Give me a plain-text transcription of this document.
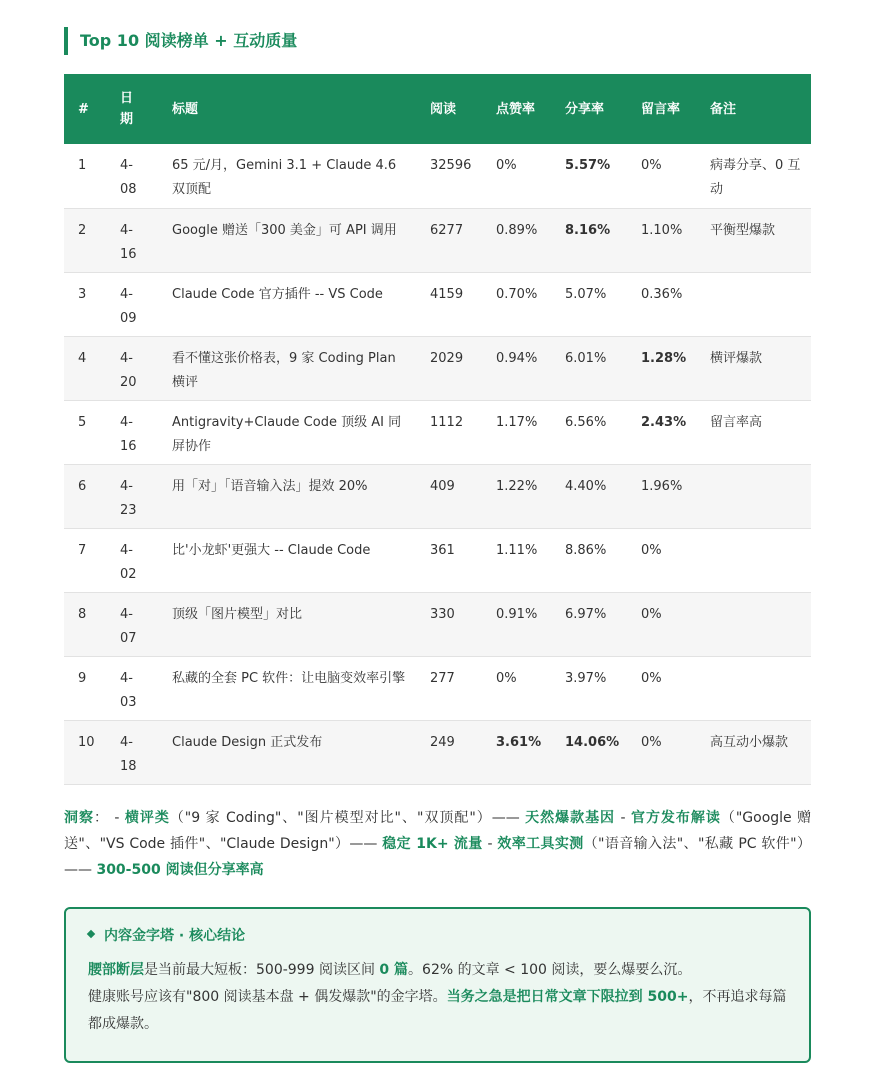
Top 10 阅读榜单 + 互动质量
#	日期	标题	阅读	点赞率	分享率	留言率	备注
1	4-08	65 元/月，Gemini 3.1 + Claude 4.6 双顶配	32596	0%	5.57%	0%	病毒分享、0 互动
2	4-16	Google 赠送「300 美金」可 API 调用	6277	0.89%	8.16%	1.10%	平衡型爆款
3	4-09	Claude Code 官方插件 -- VS Code	4159	0.70%	5.07%	0.36%	
4	4-20	看不懂这张价格表，9 家 Coding Plan 横评	2029	0.94%	6.01%	1.28%	横评爆款
5	4-16	Antigravity+Claude Code 顶级 AI 同屏协作	1112	1.17%	6.56%	2.43%	留言率高
6	4-23	用「对」「语音输入法」提效 20%	409	1.22%	4.40%	1.96%	
7	4-02	比'小龙虾'更强大 -- Claude Code	361	1.11%	8.86%	0%	
8	4-07	顶级「图片模型」对比	330	0.91%	6.97%	0%	
9	4-03	私藏的全套 PC 软件：让电脑变效率引擎	277	0%	3.97%	0%	
10	4-18	Claude Design 正式发布	249	3.61%	14.06%	0%	高互动小爆款
洞察： - 横评类（"9 家 Coding"、"图片模型对比"、"双顶配"）—— 天然爆款基因 - 官方发布解读（"Google 赠送"、"VS Code 插件"、"Claude Design"）—— 稳定 1K+ 流量 - 效率工具实测（"语音输入法"、"私藏 PC 软件"）—— 300-500 阅读但分享率高
内容金字塔 · 核心结论
腰部断层是当前最大短板：500-999 阅读区间 0 篇。62% 的文章 < 100 阅读，要么爆要么沉。
健康账号应该有"800 阅读基本盘 + 偶发爆款"的金字塔。当务之急是把日常文章下限拉到 500+，不再追求每篇都成爆款。
